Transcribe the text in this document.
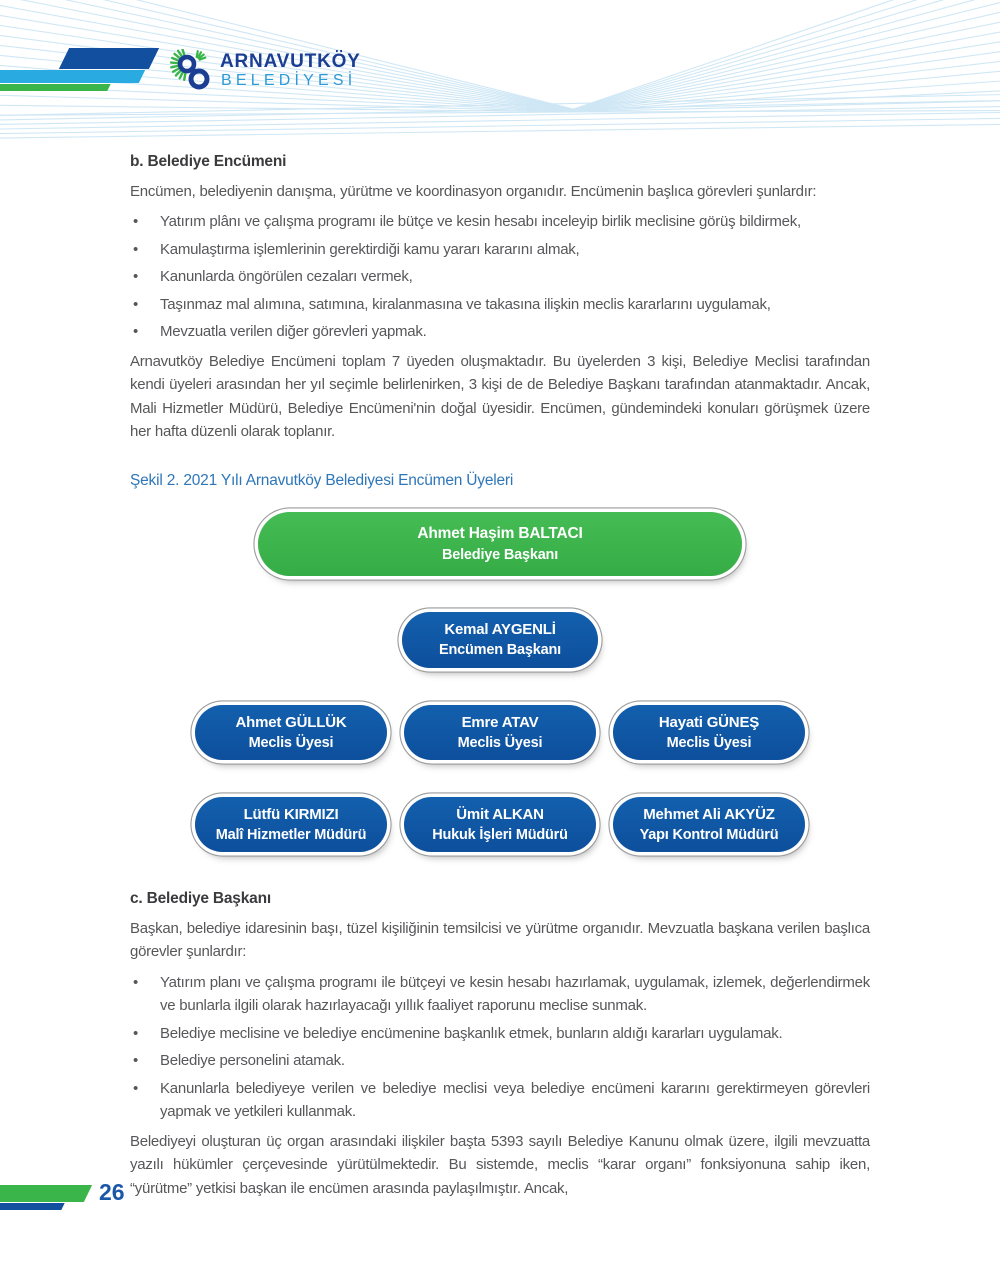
ARNAVUTKÖY
BELEDİYESİ
b. Belediye Encümeni

Encümen, belediyenin danışma, yürütme ve koordinasyon organıdır. Encümenin başlıca görevleri şunlardır:

• Yatırım plânı ve çalışma programı ile bütçe ve kesin hesabı inceleyip birlik meclisine görüş bildirmek,
• Kamulaştırma işlemlerinin gerektirdiği kamu yararı kararını almak,
• Kanunlarda öngörülen cezaları vermek,
• Taşınmaz mal alımına, satımına, kiralanmasına ve takasına ilişkin meclis kararlarını uygulamak,
• Mevzuatla verilen diğer görevleri yapmak.

Arnavutköy Belediye Encümeni toplam 7 üyeden oluşmaktadır. Bu üyelerden 3 kişi, Belediye Meclisi tarafından kendi üyeleri arasından her yıl seçimle belirlenirken, 3 kişi de de Belediye Başkanı tarafından atanmaktadır. Ancak, Mali Hizmetler Müdürü, Belediye Encümeni'nin doğal üyesidir. Encümen, gündemindeki konuları görüşmek üzere her hafta düzenli olarak toplanır.

Şekil 2. 2021 Yılı Arnavutköy Belediyesi Encümen Üyeleri
Ahmet Haşim BALTACI
Belediye Başkanı
Kemal AYGENLİ
Encümen Başkanı
Ahmet GÜLLÜK
Meclis Üyesi
Emre ATAV
Meclis Üyesi
Hayati GÜNEŞ
Meclis Üyesi
Lütfü KIRMIZI
Malî Hizmetler Müdürü
Ümit ALKAN
Hukuk İşleri Müdürü
Mehmet Ali AKYÜZ
Yapı Kontrol Müdürü
c. Belediye Başkanı

Başkan, belediye idaresinin başı, tüzel kişiliğinin temsilcisi ve yürütme organıdır. Mevzuatla başkana verilen başlıca görevler şunlardır:

• Yatırım planı ve çalışma programı ile bütçeyi ve kesin hesabı hazırlamak, uygulamak, izlemek, değerlendirmek ve bunlarla ilgili olarak hazırlayacağı yıllık faaliyet raporunu meclise sunmak.
• Belediye meclisine ve belediye encümenine başkanlık etmek, bunların aldığı kararları uygulamak.
• Belediye personelini atamak.
• Kanunlarla belediyeye verilen ve belediye meclisi veya belediye encümeni kararını gerektirmeyen görevleri yapmak ve yetkileri kullanmak.

Belediyeyi oluşturan üç organ arasındaki ilişkiler başta 5393 sayılı Belediye Kanunu olmak üzere, ilgili mevzuatta yazılı hükümler çerçevesinde yürütülmektedir. Bu sistemde, meclis “karar organı” fonksiyonuna sahip iken, “yürütme” yetkisi başkan ile encümen arasında paylaşılmıştır. Ancak,

26
